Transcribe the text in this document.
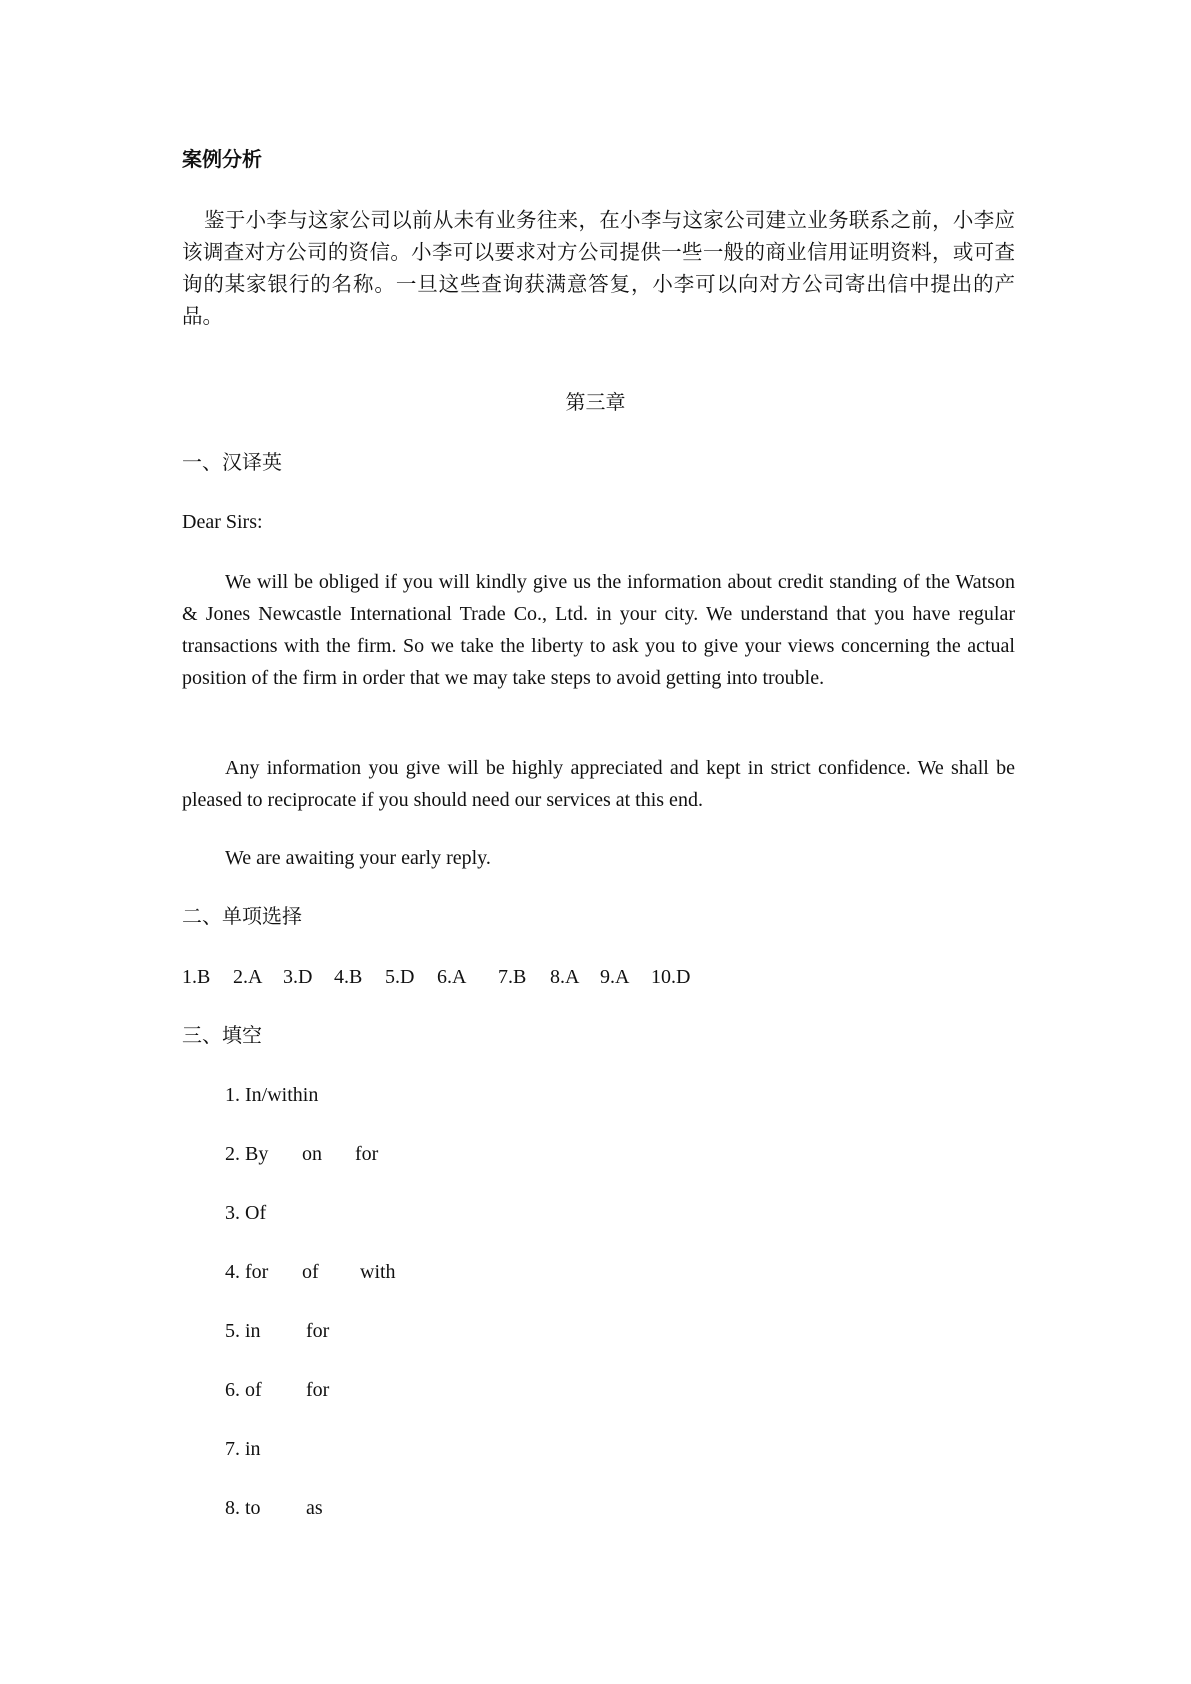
案例分析

鉴于小李与这家公司以前从未有业务往来，在小李与这家公司建立业务联系之前，小李应该调查对方公司的资信。小李可以要求对方公司提供一些一般的商业信用证明资料，或可查询的某家银行的名称。一旦这些查询获满意答复，小李可以向对方公司寄出信中提出的产品。

第三章

一、汉译英

Dear Sirs:

We will be obliged if you will kindly give us the information about credit standing of the Watson & Jones Newcastle International Trade Co., Ltd. in your city. We understand that you have regular transactions with the firm. So we take the liberty to ask you to give your views concerning the actual position of the firm in order that we may take steps to avoid getting into trouble.

Any information you give will be highly appreciated and kept in strict confidence. We shall be pleased to reciprocate if you should need our services at this end.

We are awaiting your early reply.

二、单项选择

1.B 2.A 3.D 4.B 5.D 6.A 7.B 8.A 9.A 10.D

三、填空

1. In/within
2. By on for
3. Of
4. for of with
5. in for
6. of for
7. in
8. to as
